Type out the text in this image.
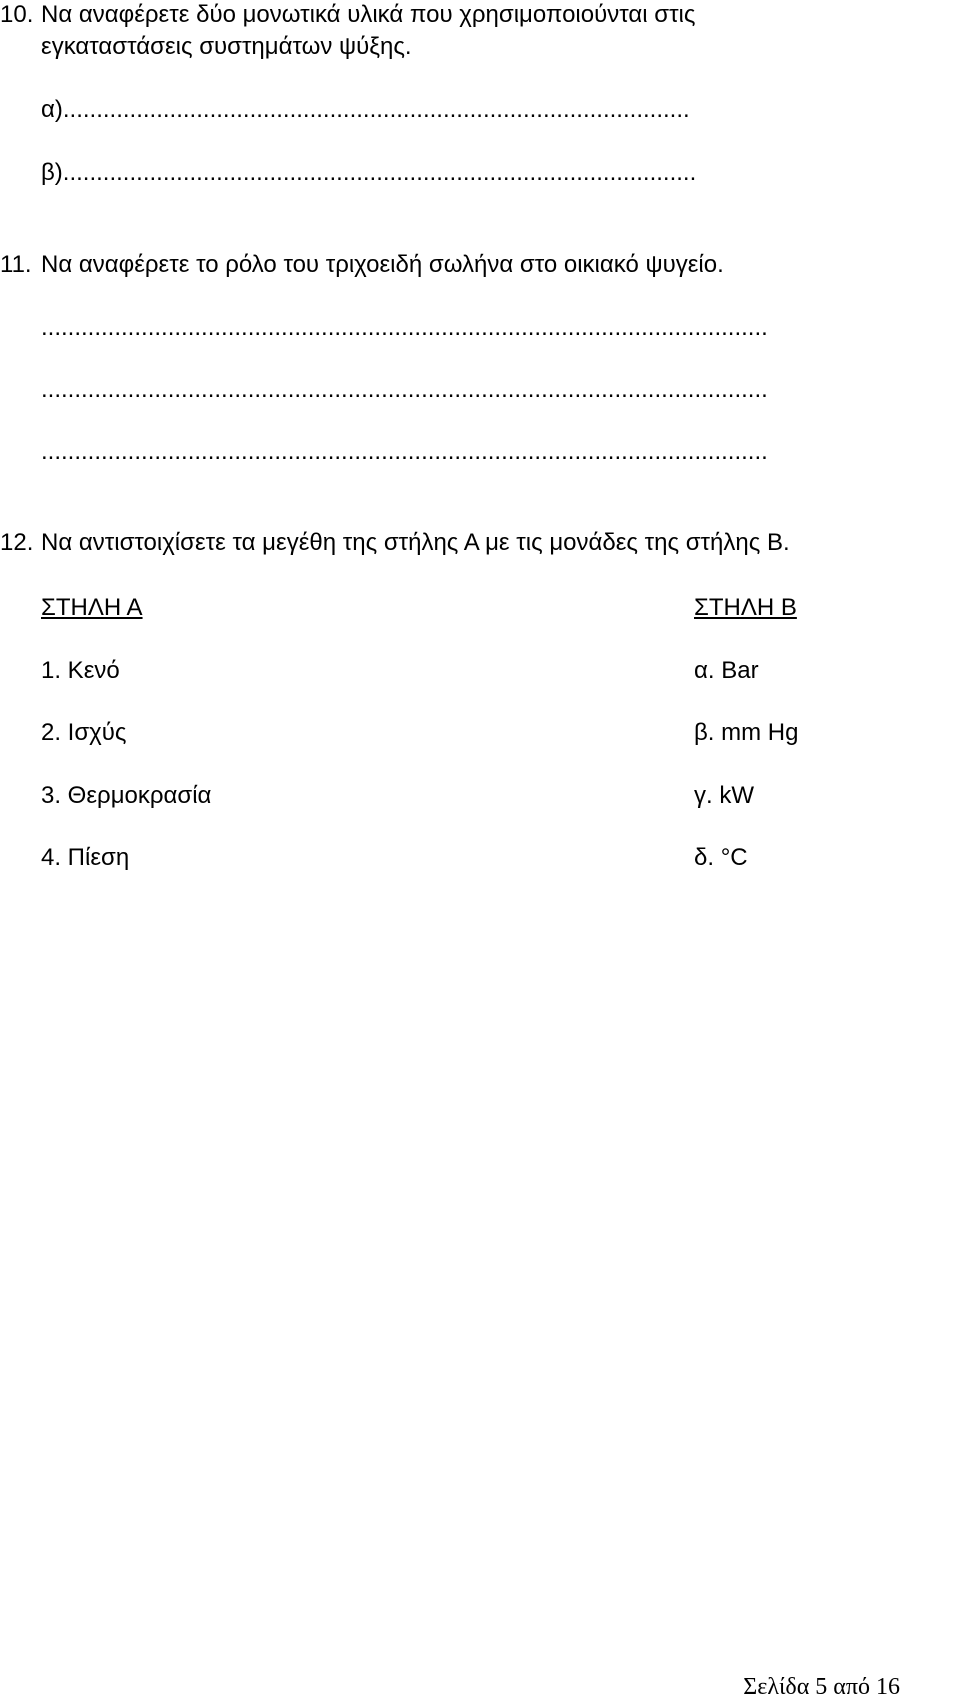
10. Να αναφέρετε δύο μονωτικά υλικά που χρησιμοποιούνται στις
εγκαταστάσεις συστημάτων ψύξης.
α)..............................................................................................
β)...............................................................................................
11. Να αναφέρετε το ρόλο του τριχοειδή σωλήνα στο οικιακό ψυγείο.
.............................................................................................................
.............................................................................................................
.............................................................................................................
12. Να αντιστοιχίσετε τα μεγέθη της στήλης Α με τις μονάδες της στήλης Β.
ΣΤΗΛΗ Α	ΣΤΗΛΗ Β
1. Κενό
2. Ισχύς
3. Θερμοκρασία
4. Πίεση
α. Bar
β. mm Hg
γ. kW
δ. °C
Σελίδα 5 από 16
